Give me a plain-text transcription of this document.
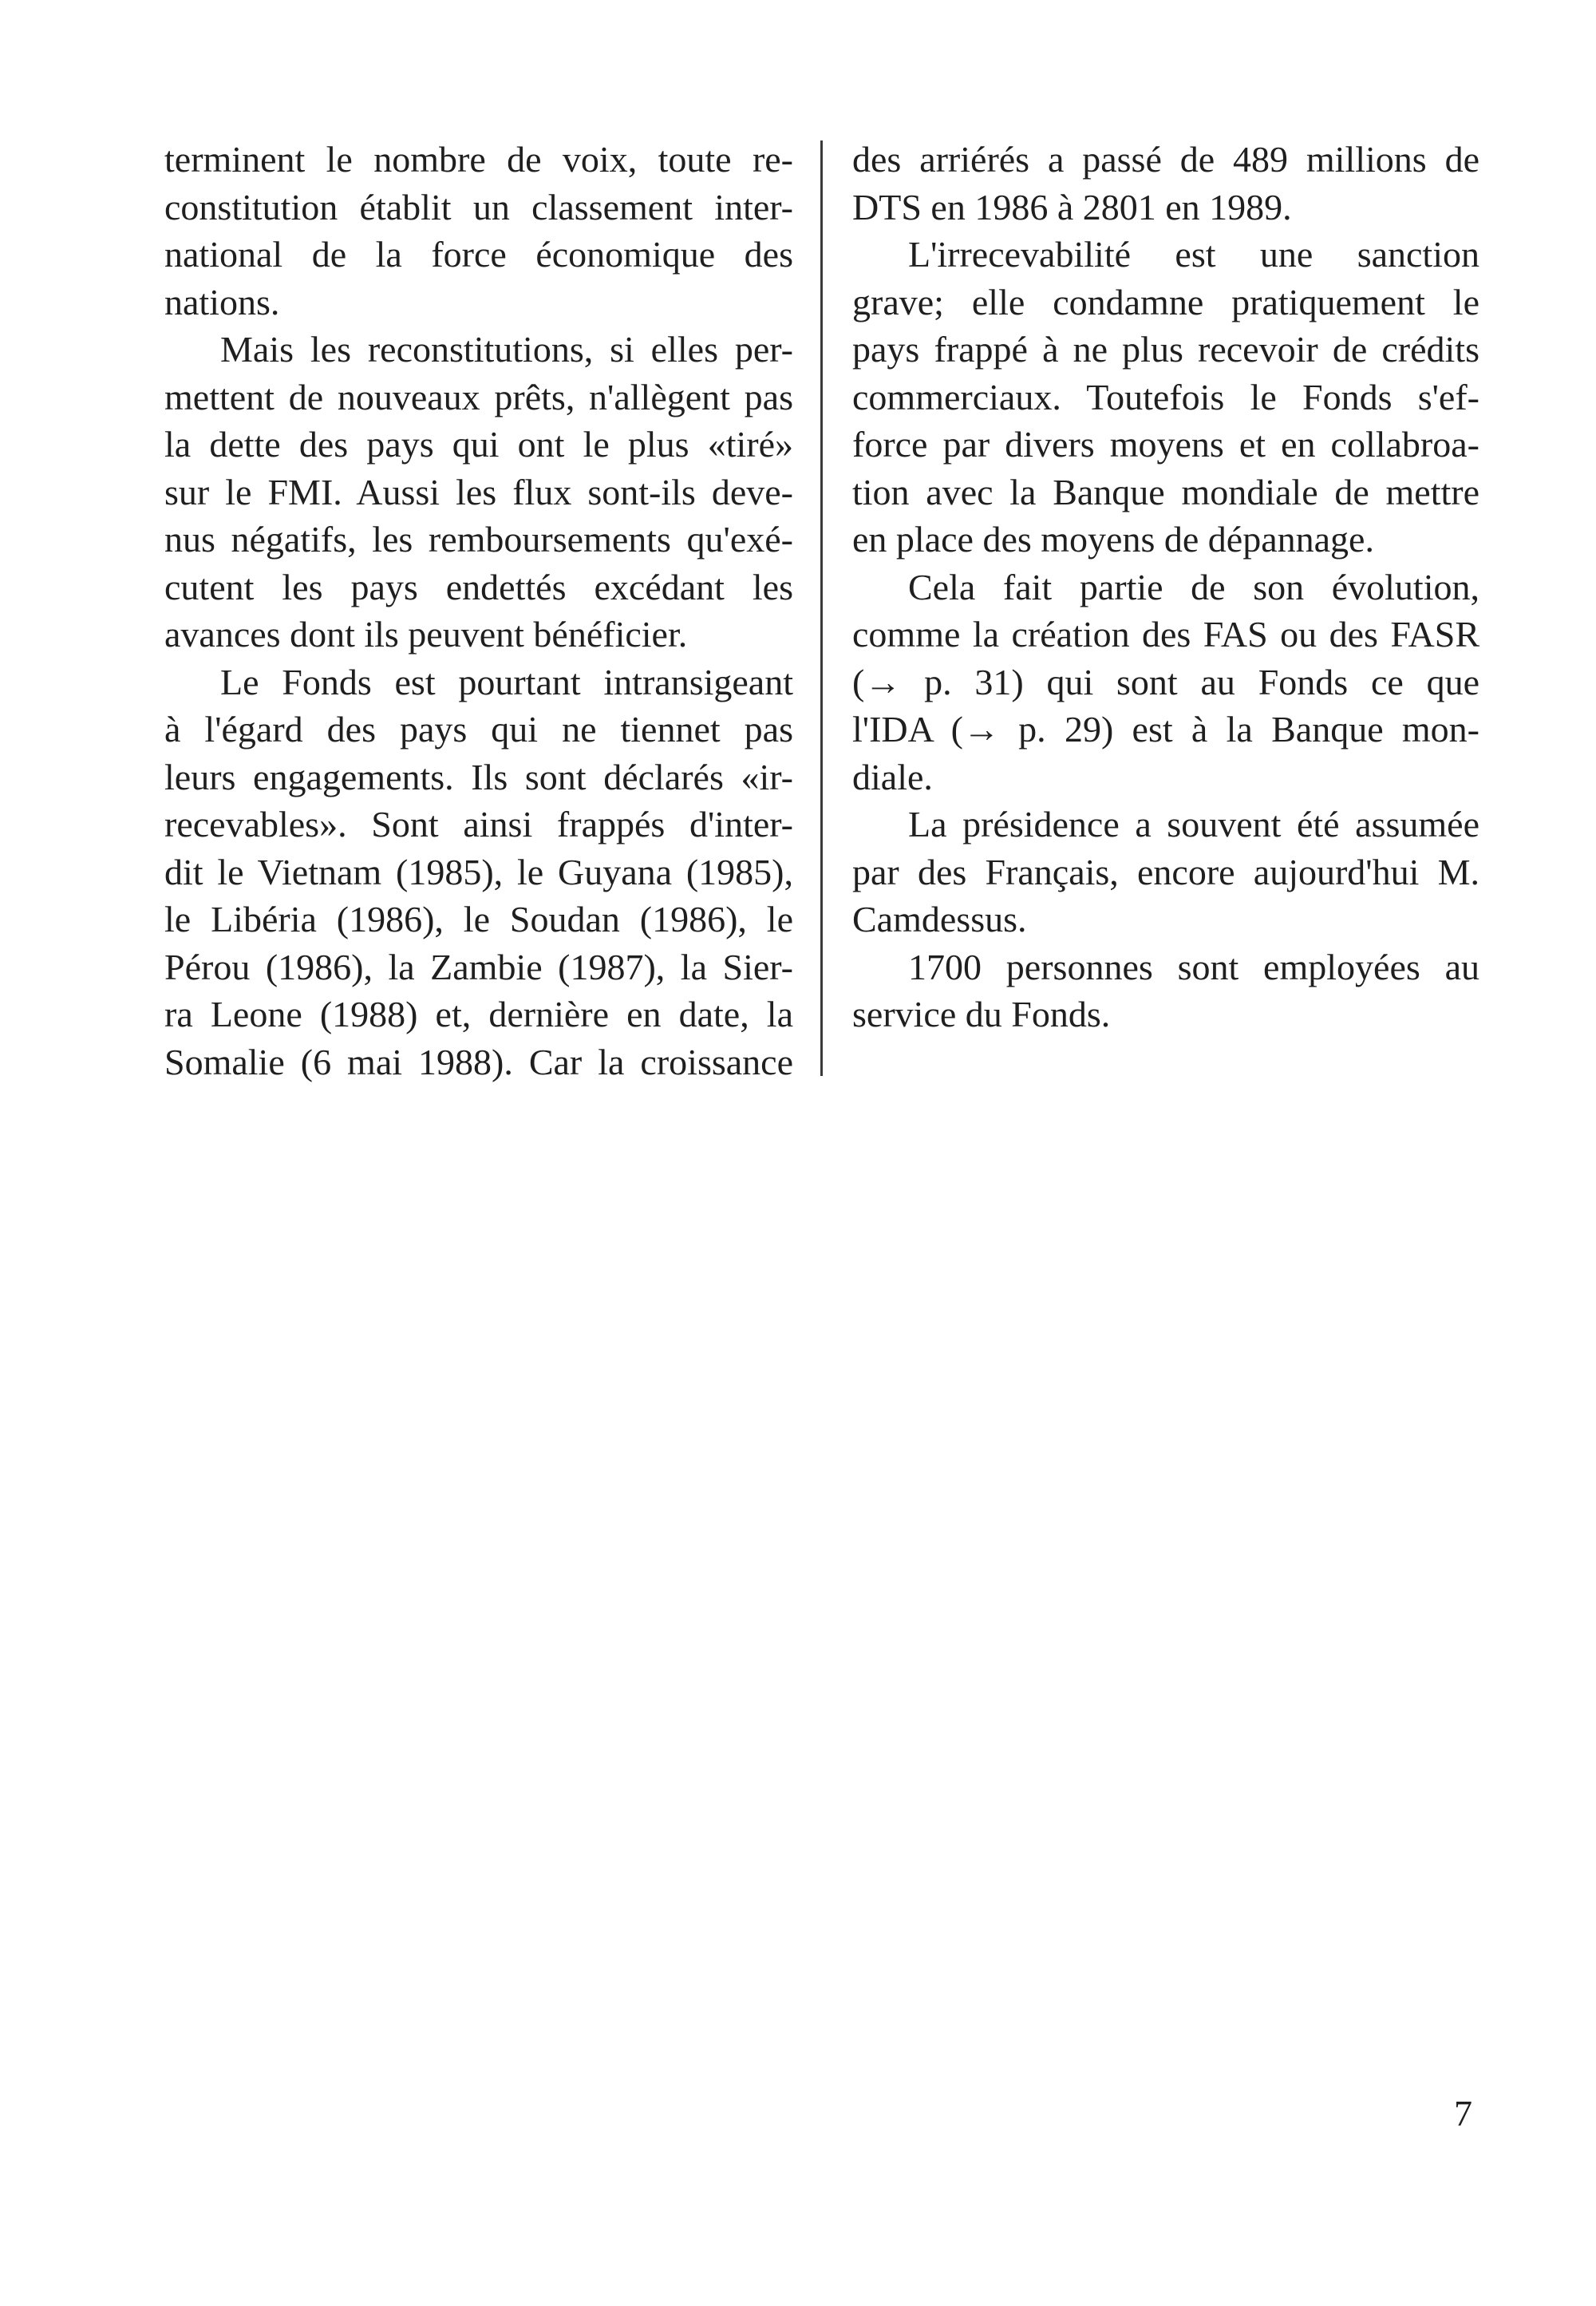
terminent le nombre de voix, toute re-
constitution établit un classement inter-
national de la force économique des
nations.
Mais les reconstitutions, si elles per-
mettent de nouveaux prêts, n'allègent pas
la dette des pays qui ont le plus «tiré»
sur le FMI. Aussi les flux sont-ils deve-
nus négatifs, les remboursements qu'exé-
cutent les pays endettés excédant les
avances dont ils peuvent bénéficier.
Le Fonds est pourtant intransigeant
à l'égard des pays qui ne tiennet pas
leurs engagements. Ils sont déclarés «ir-
recevables». Sont ainsi frappés d'inter-
dit le Vietnam (1985), le Guyana (1985),
le Libéria (1986), le Soudan (1986), le
Pérou (1986), la Zambie (1987), la Sier-
ra Leone (1988) et, dernière en date, la
Somalie (6 mai 1988). Car la croissance
des arriérés a passé de 489 millions de
DTS en 1986 à 2801 en 1989.
L'irrecevabilité est une sanction
grave; elle condamne pratiquement le
pays frappé à ne plus recevoir de crédits
commerciaux. Toutefois le Fonds s'ef-
force par divers moyens et en collabroa-
tion avec la Banque mondiale de mettre
en place des moyens de dépannage.
Cela fait partie de son évolution,
comme la création des FAS ou des FASR
(→ p. 31) qui sont au Fonds ce que
l'IDA (→ p. 29) est à la Banque mon-
diale.
La présidence a souvent été assumée
par des Français, encore aujourd'hui M.
Camdessus.
1700 personnes sont employées au
service du Fonds.
7
